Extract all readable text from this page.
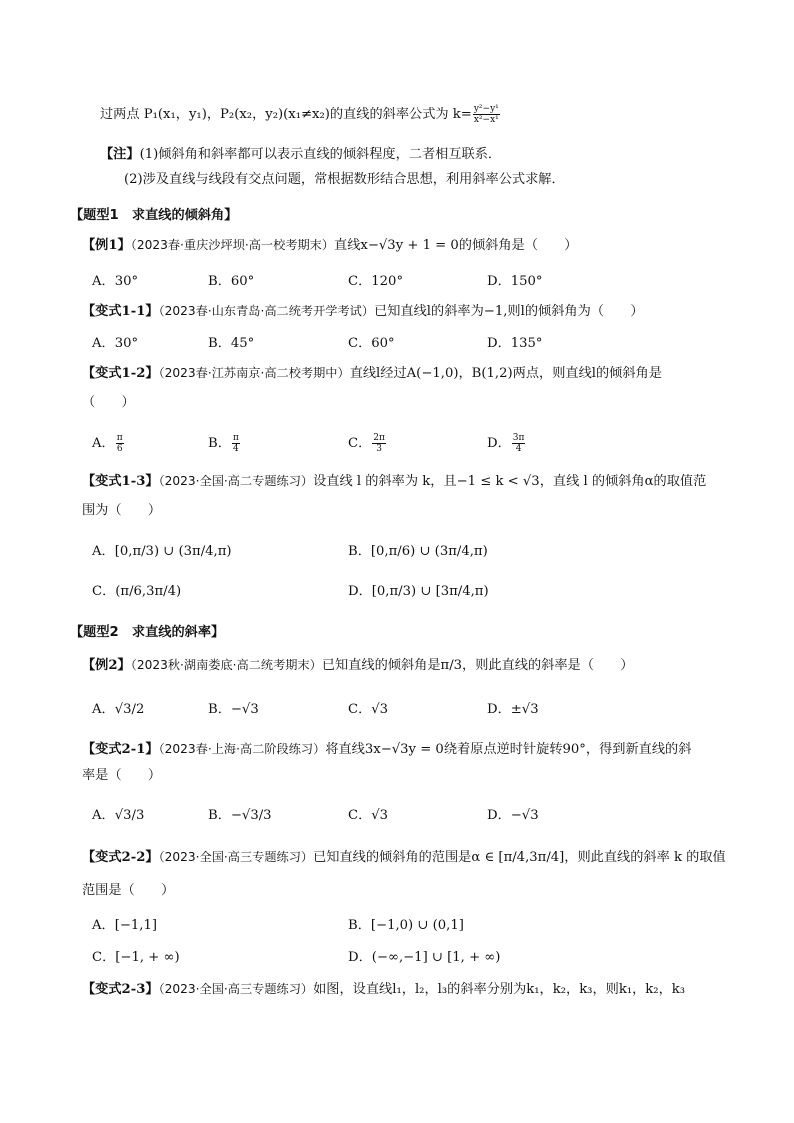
过两点 P₁(x₁，y₁)，P₂(x₂，y₂)(x₁≠x₂)的直线的斜率公式为 $k= \frac{\text{y²−y¹}}{\text{x²−x¹}}$
【注】(1)倾斜角和斜率都可以表示直线的倾斜程度，二者相互联系．
(2)涉及直线与线段有交点问题，常根据数形结合思想，利用斜率公式求解．
【题型1　求直线的倾斜角】
【例1】（2023春·重庆沙坪坝·高一校考期末）直线x−√3y + 1 = 0的倾斜角是（　　）
A．30°	B．60°	C．120°	D．150°
【变式1-1】（2023春·山东青岛·高二统考开学考试）已知直线l的斜率为−1,则l的倾斜角为（　　）
A．30°	B．45°	C．60°	D．135°
【变式1-2】（2023春·江苏南京·高二校考期中）直线l经过A(−1,0)，B(1,2)两点，则直线l的倾斜角是
（　　）
A． $\frac{\pi}{6}$	B． $\frac{\pi}{4}$	C． $\frac{2\pi}{3}$	D． $\frac{3\pi}{4}$
【变式1-3】（2023·全国·高二专题练习）设直线 l 的斜率为 k，且−1 ≤ k < √3，直线 l 的倾斜角α的取值范
围为（　　）
A．[0,π/3) ∪ (3π/4,π)	B．[0,π/6) ∪ (3π/4,π)
C．(π/6,3π/4)	D．[0,π/3) ∪ [3π/4,π)
【题型2　求直线的斜率】
【例2】（2023秋·湖南娄底·高二统考期末）已知直线的倾斜角是π/3，则此直线的斜率是（　　）
A．√3/2	B．−√3	C．√3	D．±√3
【变式2-1】（2023春·上海·高二阶段练习）将直线3x−√3y = 0绕着原点逆时针旋转90°，得到新直线的斜
率是（　　）
A．√3/3	B．−√3/3	C．√3	D．−√3
【变式2-2】（2023·全国·高三专题练习）已知直线的倾斜角的范围是α ∈ [π/4,3π/4]，则此直线的斜率 k 的取值
范围是（　　）
A．[−1,1]	B．[−1,0) ∪ (0,1]
C．[−1, + ∞)	D．(−∞,−1] ∪ [1, + ∞)
【变式2-3】（2023·全国·高三专题练习）如图，设直线l₁，l₂，l₃的斜率分别为k₁，k₂，k₃，则k₁，k₂，k₃
